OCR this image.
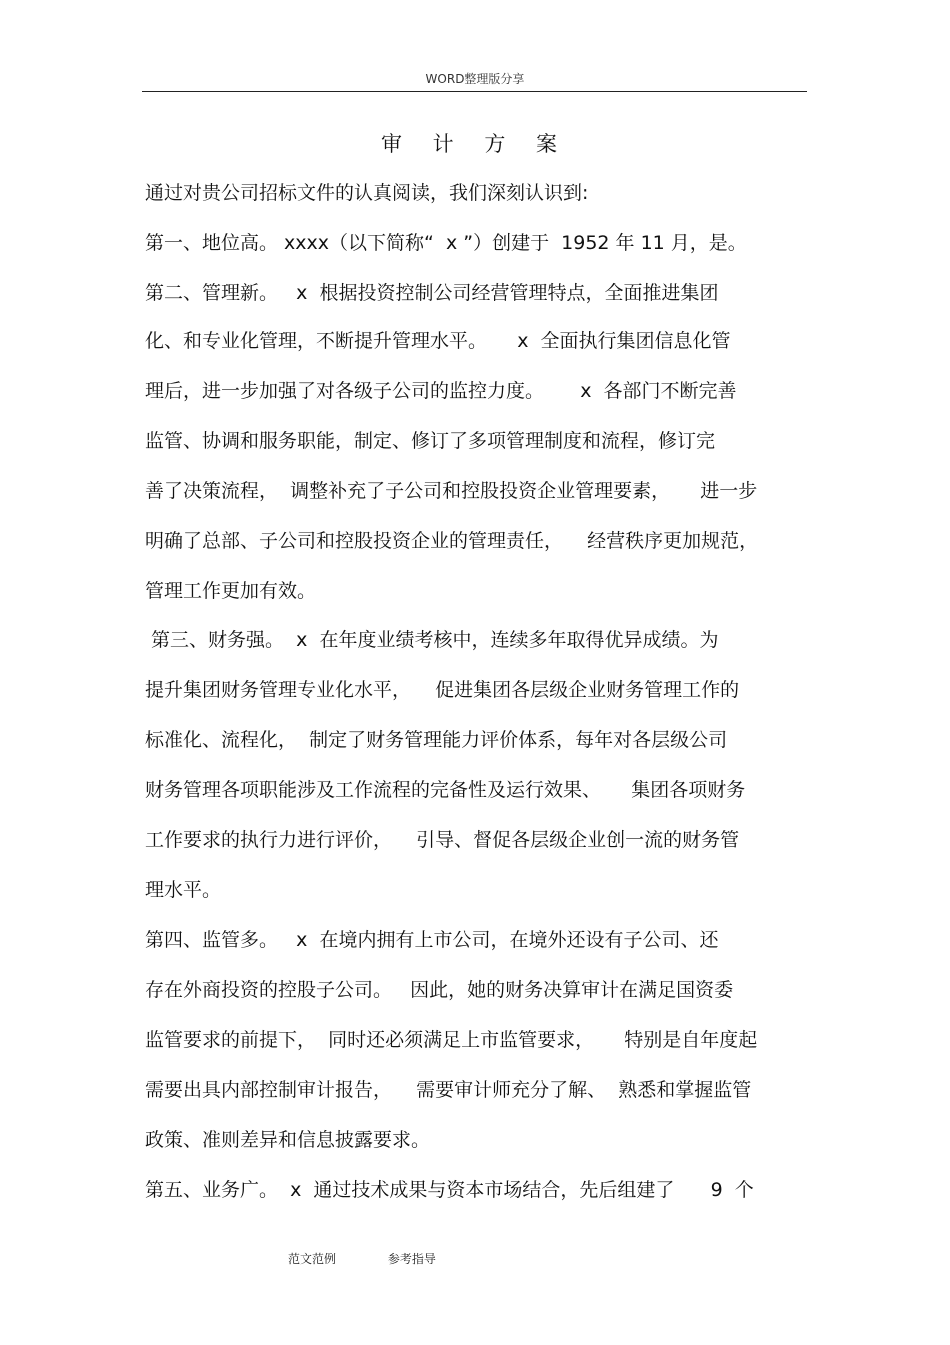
WORD整理版分享
审 计 方 案
通过对贵公司招标文件的认真阅读，我们深刻认识到:
第一、地位高。 xxxx（以下简称“  x ”）创建于  1952 年 11 月，是。
第二、管理新。   x  根据投资控制公司经营管理特点，全面推进集团
化、和专业化管理，不断提升管理水平。     x  全面执行集团信息化管
理后，进一步加强了对各级子公司的监控力度。      x  各部门不断完善
监管、协调和服务职能，制定、修订了多项管理制度和流程，修订完
善了决策流程，  调整补充了子公司和控股投资企业管理要素，     进一步
明确了总部、子公司和控股投资企业的管理责任，    经营秩序更加规范，
管理工作更加有效。
第三、财务强。  x  在年度业绩考核中，连续多年取得优异成绩。为
提升集团财务管理专业化水平，    促进集团各层级企业财务管理工作的
标准化、流程化，  制定了财务管理能力评价体系，每年对各层级公司
财务管理各项职能涉及工作流程的完备性及运行效果、     集团各项财务
工作要求的执行力进行评价，    引导、督促各层级企业创一流的财务管
理水平。
第四、监管多。   x  在境内拥有上市公司，在境外还设有子公司、还
存在外商投资的控股子公司。   因此，她的财务决算审计在满足国资委
监管要求的前提下，  同时还必须满足上市监管要求，     特别是自年度起
需要出具内部控制审计报告，    需要审计师充分了解、  熟悉和掌握监管
政策、准则差异和信息披露要求。
第五、业务广。  x  通过技术成果与资本市场结合，先后组建了      9  个
范文范例	参考指导
